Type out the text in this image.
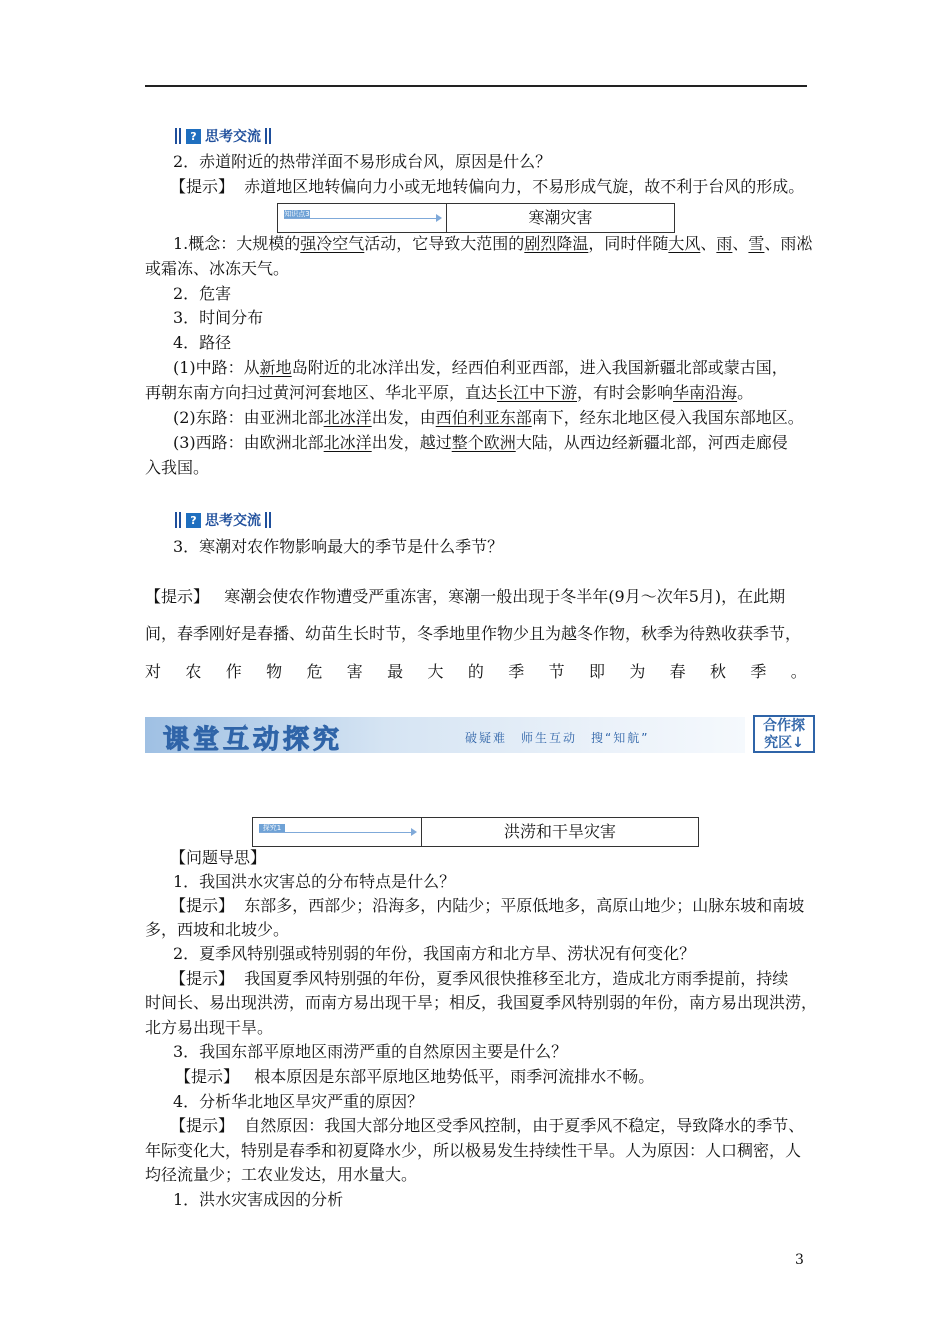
? 思考交流
2．赤道附近的热带洋面不易形成台风，原因是什么？
【提示】 赤道地区地转偏向力小或无地转偏向力，不易形成气旋，故不利于台风的形成。
知识点3	寒潮灾害
1.概念：大规模的强冷空气活动，它导致大范围的剧烈降温，同时伴随大风、雨、雪、雨凇
或霜冻、冰冻天气。
2．危害
3．时间分布
4．路径
(1)中路：从新地岛附近的北冰洋出发，经西伯利亚西部，进入我国新疆北部或蒙古国，
再朝东南方向扫过黄河河套地区、华北平原，直达长江中下游，有时会影响华南沿海。
(2)东路：由亚洲北部北冰洋出发，由西伯利亚东部南下，经东北地区侵入我国东部地区。
(3)西路：由欧洲北部北冰洋出发，越过整个欧洲大陆，从西边经新疆北部，河西走廊侵
入我国。
? 思考交流
3．寒潮对农作物影响最大的季节是什么季节？
【提示】 寒潮会使农作物遭受严重冻害，寒潮一般出现于冬半年(9月～次年5月)，在此期
间，春季刚好是春播、幼苗生长时节，冬季地里作物少且为越冬作物，秋季为待熟收获季节，
对 农 作 物 危 害 最 大 的 季 节 即 为 春 秋 季 。
课堂互动探究	破疑难　师生互动　搜“知航”
合作探
究区↓
探究1	洪涝和干旱灾害
【问题导思】
1．我国洪水灾害总的分布特点是什么？
【提示】 东部多，西部少；沿海多，内陆少；平原低地多，高原山地少；山脉东坡和南坡
多，西坡和北坡少。
2．夏季风特别强或特别弱的年份，我国南方和北方旱、涝状况有何变化？
【提示】 我国夏季风特别强的年份，夏季风很快推移至北方，造成北方雨季提前，持续
时间长、易出现洪涝，而南方易出现干旱；相反，我国夏季风特别弱的年份，南方易出现洪涝，
北方易出现干旱。
3．我国东部平原地区雨涝严重的自然原因主要是什么？
【提示】 根本原因是东部平原地区地势低平，雨季河流排水不畅。
4．分析华北地区旱灾严重的原因？
【提示】 自然原因：我国大部分地区受季风控制，由于夏季风不稳定，导致降水的季节、
年际变化大，特别是春季和初夏降水少，所以极易发生持续性干旱。人为原因：人口稠密，人
均径流量少；工农业发达，用水量大。
1．洪水灾害成因的分析
3
